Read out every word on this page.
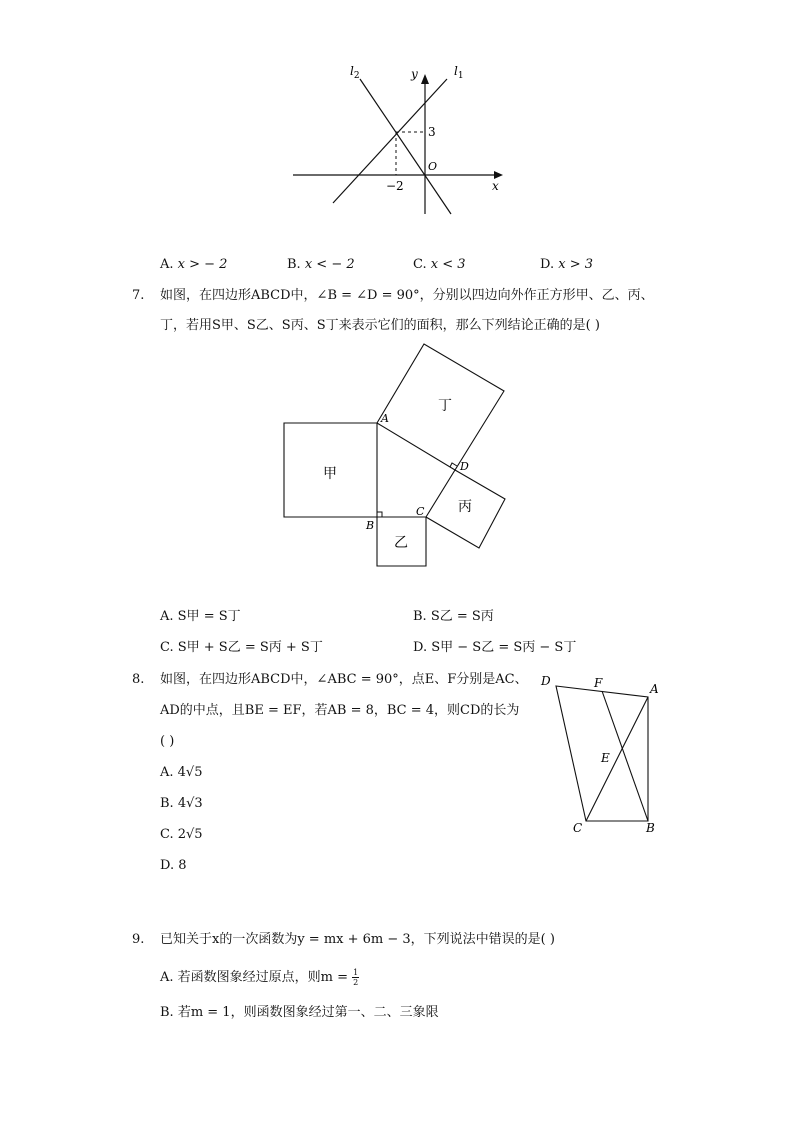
y
x
$l_1$
$l_2$
3
−2
O
A. x > − 2	B. x < − 2	C. x < 3	D. x > 3
7. 如图，在四边形ABCD中，∠B = ∠D = 90°，分别以四边向外作正方形甲、乙、丙、
丁，若用S甲、S乙、S丙、S丁来表示它们的面积，那么下列结论正确的是( )
A
B
C
D
丁
甲
丙
乙
A. S甲 = S丁	B. S乙 = S丙
C. S甲 + S乙 = S丙 + S丁	D. S甲 − S乙 = S丙 − S丁
8. 如图，在四边形ABCD中，∠ABC = 90°，点E、F分别是AC、
AD的中点，且BE = EF，若AB = 8，BC = 4，则CD的长为
( )
A. 4√5
B. 4√3
C. 2√5
D. 8
D	F	A
E
C	B
9. 已知关于x的一次函数为y = mx + 6m − 3，下列说法中错误的是( )
A. 若函数图象经过原点，则$m = \frac{1}{2}$
B. 若m = 1，则函数图象经过第一、二、三象限
